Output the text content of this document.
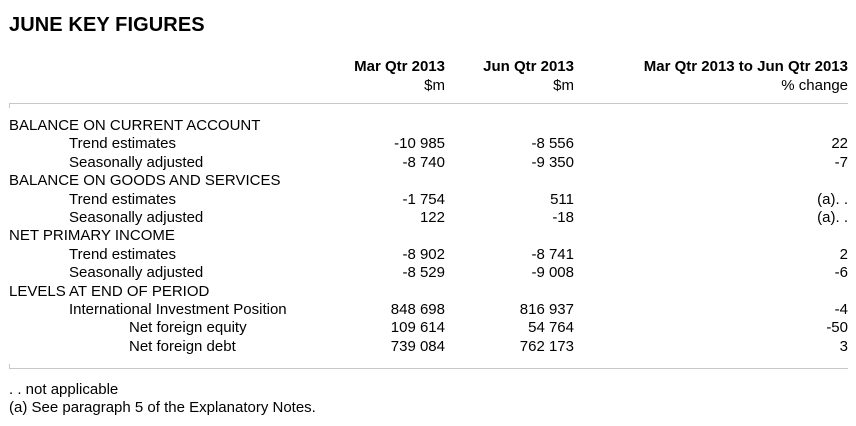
JUNE KEY FIGURES
Mar Qtr 2013
$m
Jun Qtr 2013
$m
Mar Qtr 2013 to Jun Qtr 2013
% change
BALANCE ON CURRENT ACCOUNT
Trend estimates	-10 985	-8 556	22
Seasonally adjusted	-8 740	-9 350	-7
BALANCE ON GOODS AND SERVICES
Trend estimates	-1 754	511	(a). .
Seasonally adjusted	122	-18	(a). .
NET PRIMARY INCOME
Trend estimates	-8 902	-8 741	2
Seasonally adjusted	-8 529	-9 008	-6
LEVELS AT END OF PERIOD
International Investment Position	848 698	816 937	-4
Net foreign equity	109 614	54 764	-50
Net foreign debt	739 084	762 173	3
. . not applicable
(a) See paragraph 5 of the Explanatory Notes.
